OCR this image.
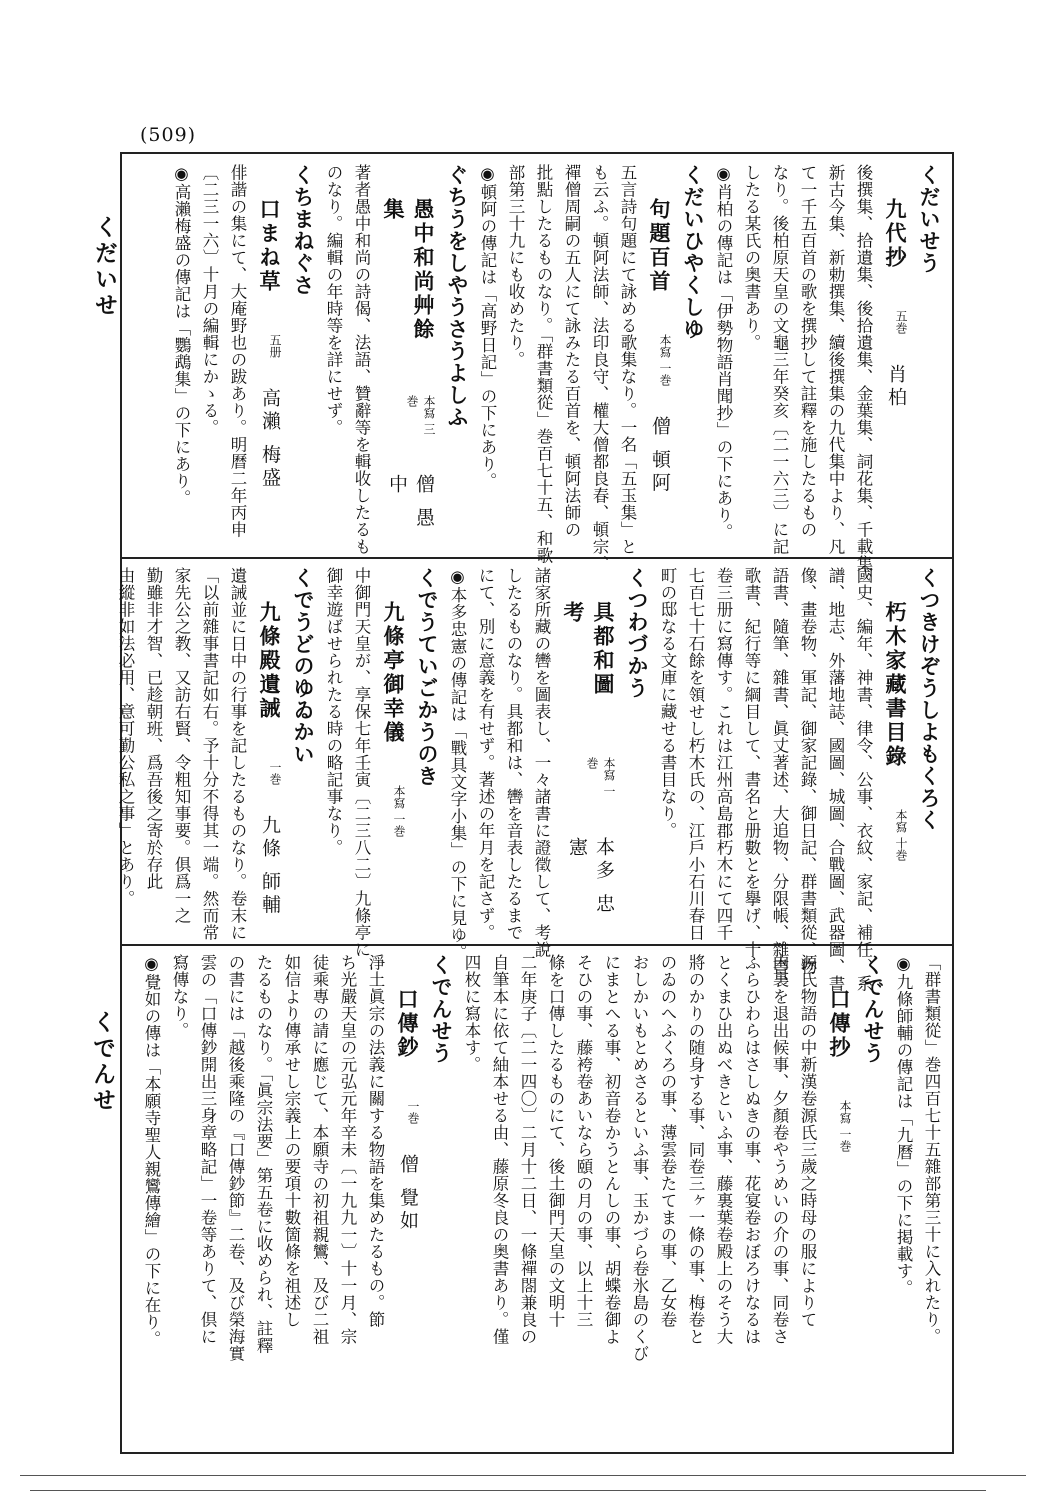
(509)
くだいせ
くでんせ
くだいせう
九代抄
五巻
肖柏
後撰集、拾遺集、後拾遺集、金葉集、詞花集、千載集、
新古今集、新勅撰集、續後撰集の九代集中より、凡
て一千五百首の歌を撰抄して註釋を施したるもの
なり。後柏原天皇の文龜三年癸亥〔二一六三〕に記
したる某氏の奥書あり。
◉肖柏の傳記は「伊勢物語肖聞抄」の下にあり。
くだいひやくしゆ
句題百首
本寫 一巻
僧 頓阿
五言詩句題にて詠める歌集なり。一名「五玉集」と
も云ふ。頓阿法師、法印良守、權大僧都良春、頓宗、
禪僧周嗣の五人にて詠みたる百首を、頓阿法師の
批點したるものなり。「群書類從」巻百七十五、和歌
部第三十九にも收めたり。
◉頓阿の傳記は「高野日記」の下にあり。
ぐちうをしやうさうよしふ
愚中和尚艸餘集
本寫 三巻
僧 愚中
著者愚中和尚の詩偈、法語、贊辭等を輯收したるも
のなり。編輯の年時等を詳にせず。
くちまねぐさ
口まね草
五册
高瀨 梅盛
俳諧の集にて、大庵野也の跋あり。明曆二年丙申
〔二三一六〕十月の編輯にかゝる。
◉高瀨梅盛の傳記は「鸚鵡集」の下にあり。
くつきけぞうしよもくろく
朽木家藏書目錄
本寫 十巻
國史、編年、神書、律令、公事、衣紋、家記、補任、系
譜、地志、外藩地誌、國圖、城圖、合戰圖、武器圖、書
像、畫卷物、軍記、御家記錄、御日記、群書類從、物
語書、隨筆、雜書、眞丈著述、大追物、分限帳、雜書、
歌書、紀行等に綱目して、書名と册數とを擧げ、十
卷三册に寫傳す。これは江州高島郡朽木にて四千
七百七十石餘を領せし朽木氏の、江戶小石川春日
町の邸なる文庫に藏せる書目なり。
くつわづかう
具都和圖考
本寫 一巻
本多 忠憲
諸家所藏の轡を圖表し、一々諸書に證徵して、考說
したるものなり。具都和は、轡を音表したるまで
にて、別に意義を有せず。著述の年月を記さず。
◉本多忠憲の傳記は「戰具文字小集」の下に見ゆ。
くでうていごかうのき
九條亭御幸儀
本寫 一巻
中御門天皇が、享保七年壬寅〔二三八二〕九條亭に
御幸遊ばせられたる時の略記事なり。
くでうどのゆゐかい
九條殿遺誡
一巻
九條 師輔
遺誡並に日中の行事を記したるものなり。卷末に
「以前雜事書記如右。予十分不得其一端。然而常
家先公之教、又訪右賢、令粗知事要。俱爲一之
勤雖非才智、已趁朝班、爲吾後之寄於存此
由縱非如法必用、意可勤公私之事」とあり。
「群書類從」巻四百七十五雜部第三十に入れたり。
◉九條師輔の傳記は「九曆」の下に掲載す。
くでんせう
口傳抄
本寫 一巻
源氏物語の中新漢卷源氏三歲之時母の服によりて
内裏を退出候事、夕顏卷やうめいの介の事、同卷さ
ふらひわらはさしぬきの事、花宴卷おぼろけなるは
とくまひ出ぬべきといふ事、藤裏葉卷殿上のそう大
將のかりの随身する事、同卷三ヶ一條の事、梅卷と
のゐのへふくろの事、薄雲卷たてまの事、乙女卷
おしかいもとめさるといふ事、玉かづら卷氷島のくび
にまとへる事、初音卷かうとんしの事、胡蝶卷御よ
そひの事、藤袴卷あいなら頤の月の事、以上十三
條を口傳したるものにて、後土御門天皇の文明十
二年庚子〔二一四〇〕二月十二日、一條禪閤兼良の
自筆本に依て紬本せる由、藤原冬良の奥書あり。僅
四枚に寫本す。
くでんせう
口傳鈔
一巻
僧 覺如
淨土眞宗の法義に關する物語を集めたるもの。節
ち光嚴天皇の元弘元年辛未〔一九九一〕十一月、宗
徒乘專の請に應じて、本願寺の初祖親鸞、及び二祖
如信より傳承せし宗義上の要項十數箇條を祖述し
たるものなり。「眞宗法要」第五卷に收められ、註釋
の書には「越後乘隆の『口傳鈔節』二卷、及び榮海實
雲の「口傳鈔開出三身章略記」一卷等ありて、倶に
寫傳なり。
◉覺如の傳は「本願寺聖人親鸞傳繪」の下に在り。
